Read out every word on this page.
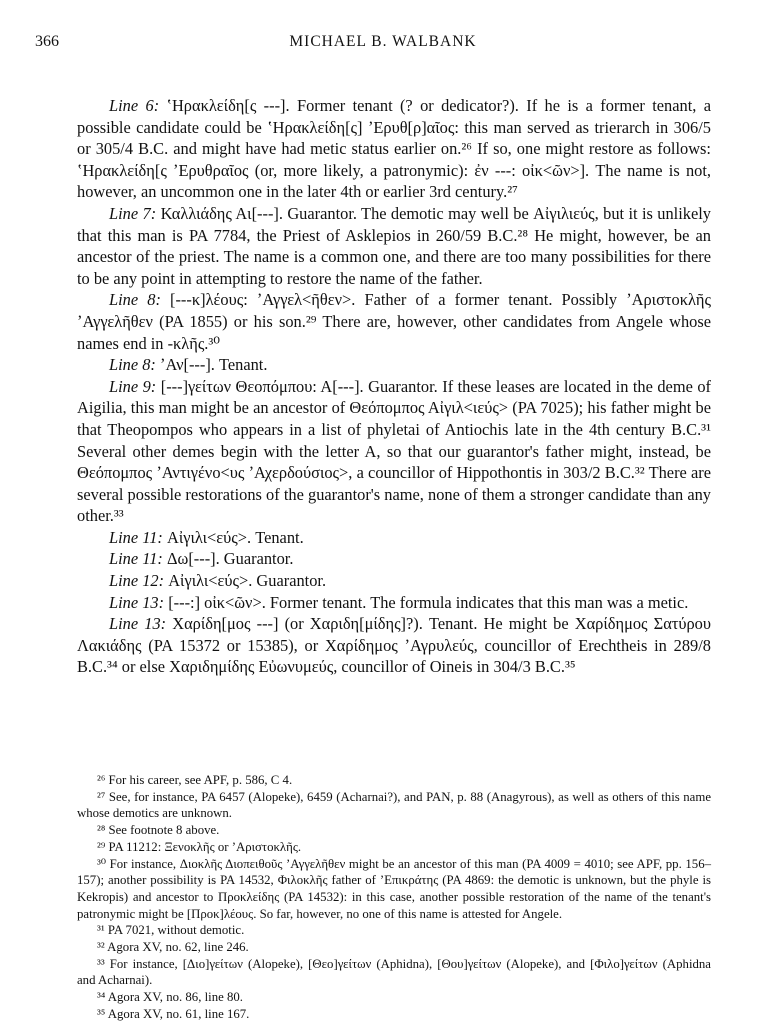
366	MICHAEL B. WALBANK

Line 6: ʽΗρακλείδη[ς ---]. Former tenant (? or dedicator?). If he is a former tenant, a possible candidate could be ʽΗρακλείδη[ς] ʼΕρυθ[ρ]αῖος: this man served as trierarch in 306/5 or 305/4 B.C. and might have had metic status earlier on.²⁶ If so, one might restore as follows: ʽΗρακλείδη[ς ʼΕρυθραῖος (or, more likely, a patronymic): ἐν ---: οἰκ<ῶν>]. The name is not, however, an uncommon one in the later 4th or earlier 3rd century.²⁷

Line 7: Καλλιάδης Αι[---]. Guarantor. The demotic may well be Αἰγιλιεύς, but it is unlikely that this man is PA 7784, the Priest of Asklepios in 260/59 B.C.²⁸ He might, however, be an ancestor of the priest. The name is a common one, and there are too many possibilities for there to be any point in attempting to restore the name of the father.

Line 8: [---κ]λέους: ʼΑγγελ<ῆθεν>. Father of a former tenant. Possibly ʼΑριστοκλῆς ʼΑγγελῆθεν (PA 1855) or his son.²⁹ There are, however, other candidates from Angele whose names end in -κλῆς.³⁰

Line 8: ʼΑν[---]. Tenant.

Line 9: [---]γείτων Θεοπόμπου: Α[---]. Guarantor. If these leases are located in the deme of Aigilia, this man might be an ancestor of Θεόπομπος Αἰγιλ<ιεύς> (PA 7025); his father might be that Theopompos who appears in a list of phyletai of Antiochis late in the 4th century B.C.³¹ Several other demes begin with the letter A, so that our guarantor's father might, instead, be Θεόπομπος ʼΑντιγένο<υς ʼΑχερδούσιος>, a councillor of Hippothontis in 303/2 B.C.³² There are several possible restorations of the guarantor's name, none of them a stronger candidate than any other.³³

Line 11: Αἰγιλι<εύς>. Tenant.

Line 11: Δω[---]. Guarantor.

Line 12: Αἰγιλι<εύς>. Guarantor.

Line 13: [---:] οἰκ<ῶν>. Former tenant. The formula indicates that this man was a metic.

Line 13: Χαρίδη[μος ---] (or Χαριδη[μίδης]?). Tenant. He might be Χαρίδημος Σατύρου Λακιάδης (PA 15372 or 15385), or Χαρίδημος ʼΑγρυλεύς, councillor of Erechtheis in 289/8 B.C.³⁴ or else Χαριδημίδης Εὐωνυμεύς, councillor of Oineis in 304/3 B.C.³⁵

²⁶ For his career, see APF, p. 586, C 4.

²⁷ See, for instance, PA 6457 (Alopeke), 6459 (Acharnai?), and PAN, p. 88 (Anagyrous), as well as others of this name whose demotics are unknown.

²⁸ See footnote 8 above.

²⁹ PA 11212: Ξενοκλῆς or ʼΑριστοκλῆς.

³⁰ For instance, Διοκλῆς Διοπειθοῦς ʼΑγγελῆθεν might be an ancestor of this man (PA 4009 = 4010; see APF, pp. 156–157); another possibility is PA 14532, Φιλοκλῆς father of ʼΕπικράτης (PA 4869: the demotic is unknown, but the phyle is Kekropis) and ancestor to Προκλείδης (PA 14532): in this case, another possible restoration of the name of the tenant's patronymic might be [Προκ]λέους. So far, however, no one of this name is attested for Angele.

³¹ PA 7021, without demotic.

³² Agora XV, no. 62, line 246.

³³ For instance, [Διο]γείτων (Alopeke), [Θεο]γείτων (Aphidna), [Θου]γείτων (Alopeke), and [Φιλο]γείτων (Aphidna and Acharnai).

³⁴ Agora XV, no. 86, line 80.

³⁵ Agora XV, no. 61, line 167.
